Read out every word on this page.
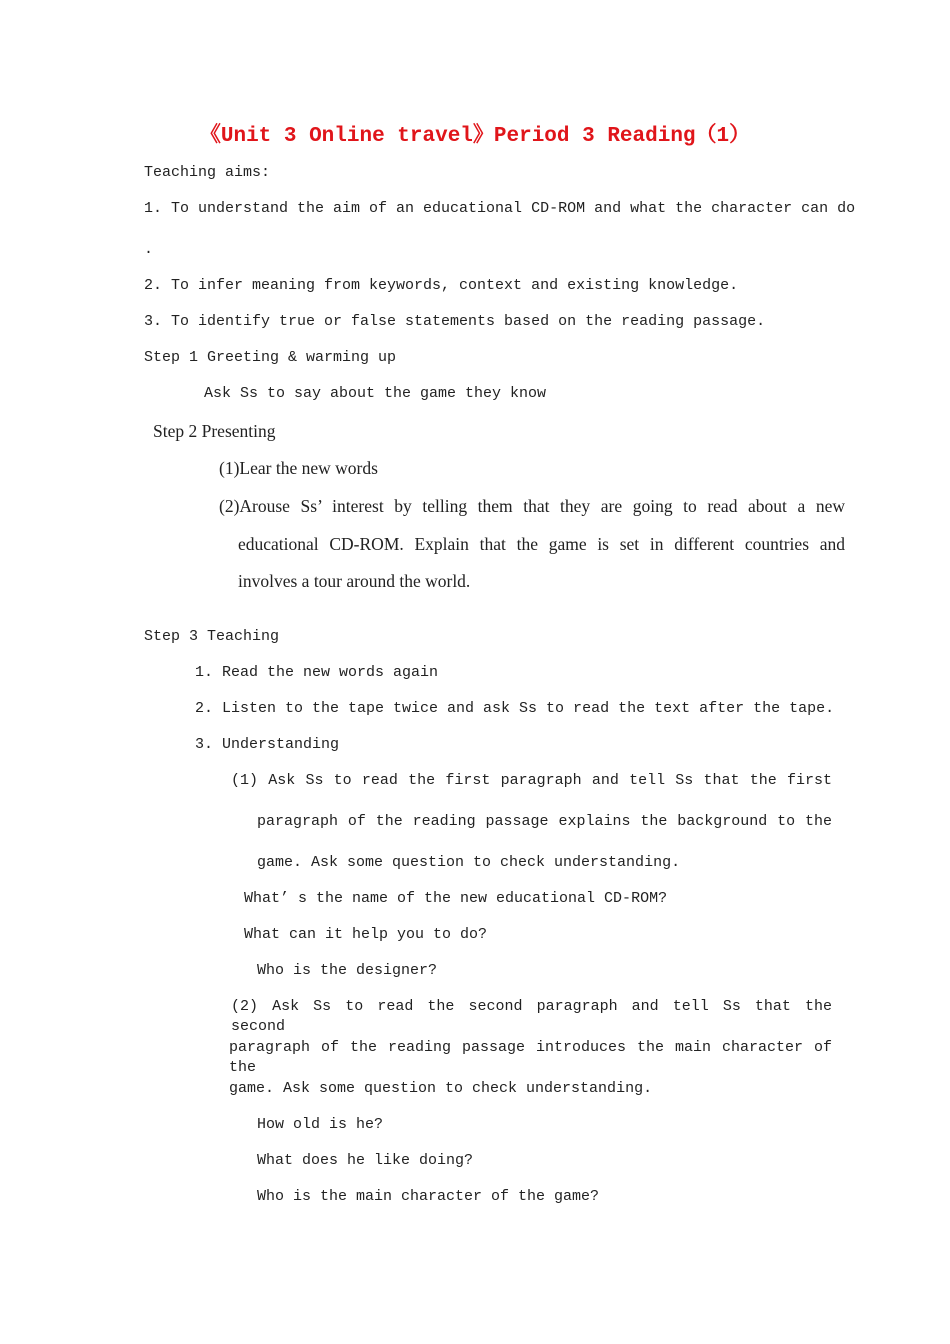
《Unit 3 Online travel》Period 3 Reading（1）

Teaching aims:

1. To understand the aim of an educational CD-ROM and what the character can do

.

2. To infer meaning from keywords, context and existing knowledge.

3. To identify true or false statements based on the reading passage.

Step 1 Greeting & warming up

Ask Ss to say about the game they know

Step 2 Presenting

(1)Lear the new words

(2)Arouse Ss’ interest by telling them that they are going to read about a new

educational CD-ROM. Explain that the game is set in different countries and

involves a tour around the world.

Step 3 Teaching

1. Read the new words again

2. Listen to the tape twice and ask Ss to read the text after the tape.

3. Understanding

(1) Ask Ss to read the first paragraph and tell Ss that the first

paragraph of the reading passage explains the background to the

game. Ask some question to check understanding.

What’ s the name of the new educational CD-ROM?

What can it help you to do?

Who is the designer?

(2) Ask Ss to read the second paragraph and tell Ss that the second

paragraph of the reading passage introduces the main character of the

game. Ask some question to check understanding.

How old is he?

What does he like doing?

Who is the main character of the game?
